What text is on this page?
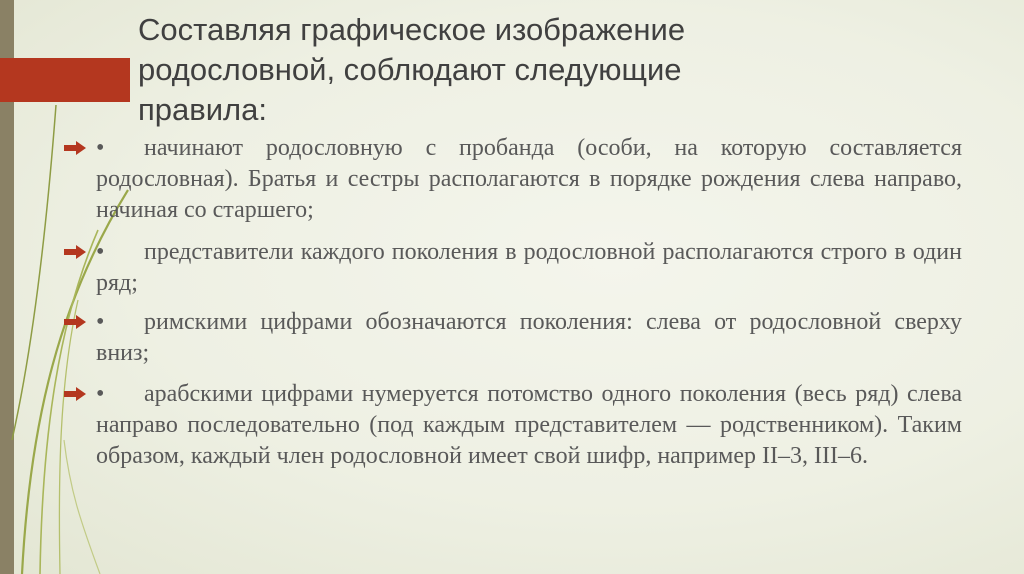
Составляя графическое изображение
родословной, соблюдают следующие
правила:
• начинают родословную с пробанда (особи, на которую составляется родословная). Братья и сестры располагаются в порядке рождения слева направо, начиная со старшего;
• представители каждого поколения в родословной располагаются строго в один ряд;
• римскими цифрами обозначаются поколения: слева от родословной сверху вниз;
• арабскими цифрами нумеруется потомство одного поколения (весь ряд) слева направо последовательно (под каждым представителем — родственником). Таким образом, каждый член родословной имеет свой шифр, например II–3, III–6.
